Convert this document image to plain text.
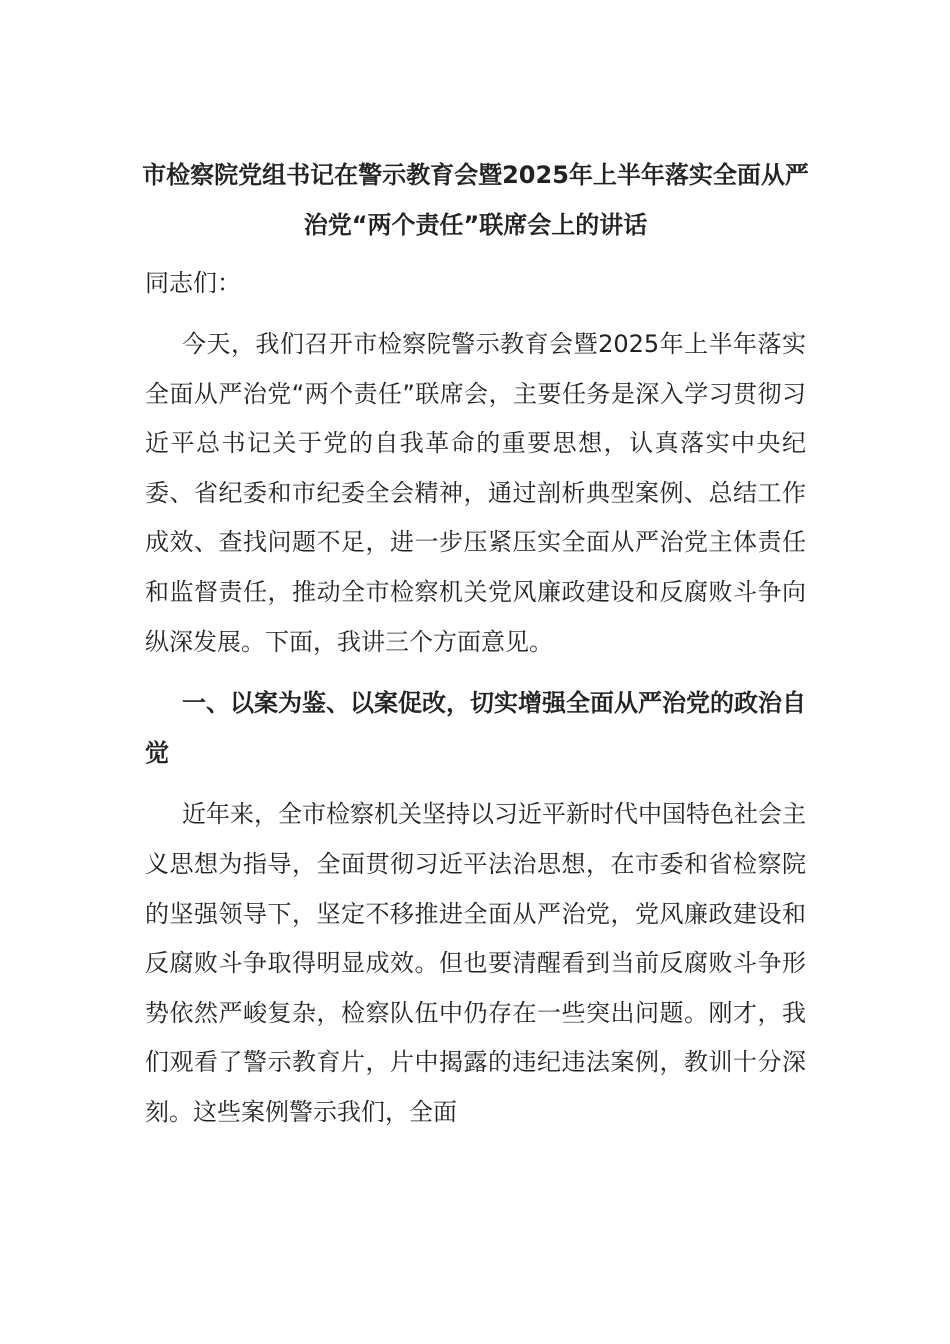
市检察院党组书记在警示教育会暨2025年上半年落实全面从严治党“两个责任”联席会上的讲话
同志们：
今天，我们召开市检察院警示教育会暨2025年上半年落实全面从严治党“两个责任”联席会，主要任务是深入学习贯彻习近平总书记关于党的自我革命的重要思想，认真落实中央纪委、省纪委和市纪委全会精神，通过剖析典型案例、总结工作成效、查找问题不足，进一步压紧压实全面从严治党主体责任和监督责任，推动全市检察机关党风廉政建设和反腐败斗争向纵深发展。下面，我讲三个方面意见。
一、以案为鉴、以案促改，切实增强全面从严治党的政治自觉
近年来，全市检察机关坚持以习近平新时代中国特色社会主义思想为指导，全面贯彻习近平法治思想，在市委和省检察院的坚强领导下，坚定不移推进全面从严治党，党风廉政建设和反腐败斗争取得明显成效。但也要清醒看到当前反腐败斗争形势依然严峻复杂，检察队伍中仍存在一些突出问题。刚才，我们观看了警示教育片，片中揭露的违纪违法案例，教训十分深刻。这些案例警示我们，全面
